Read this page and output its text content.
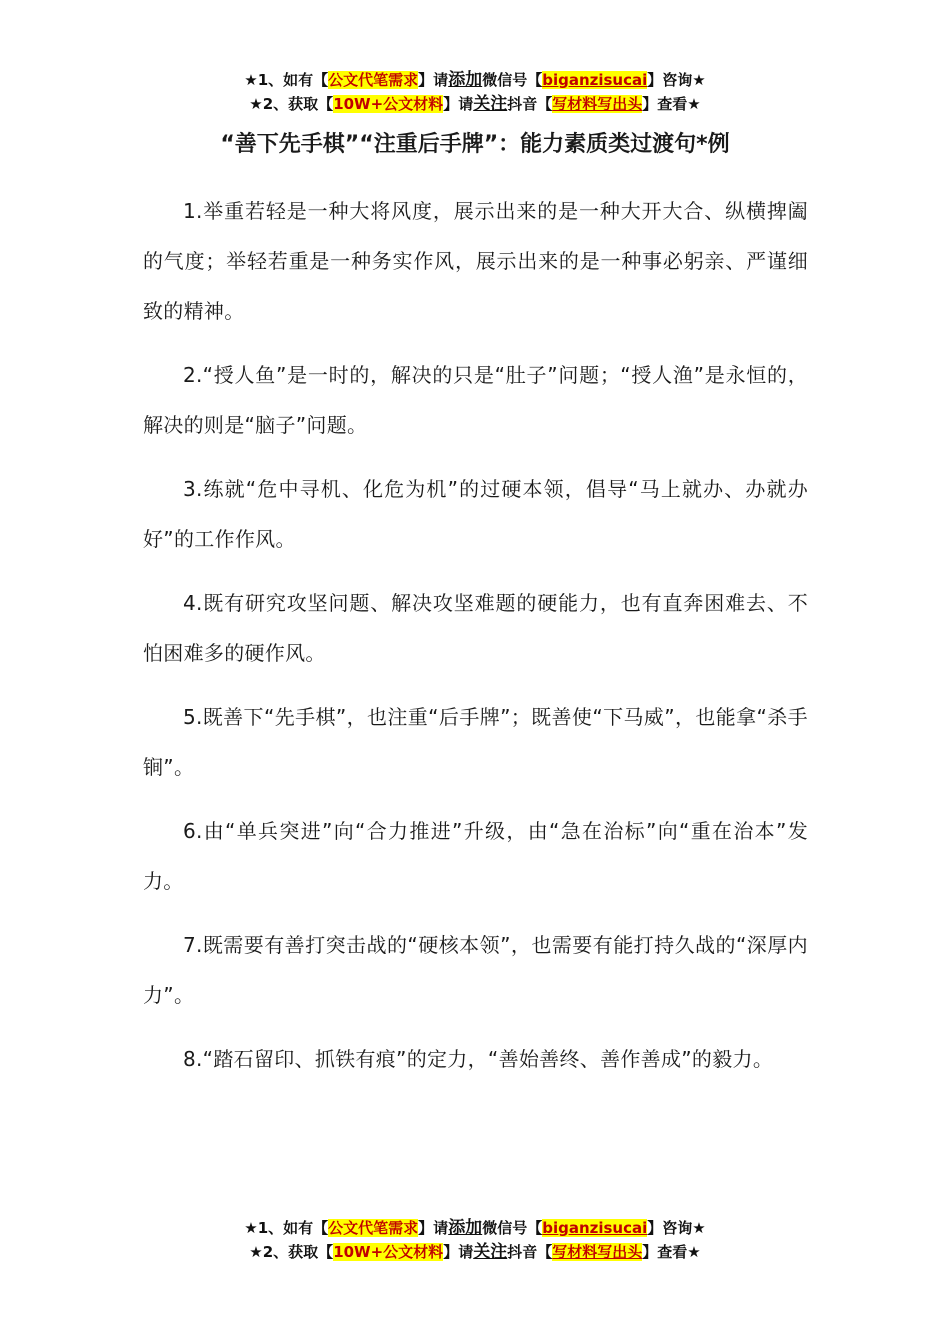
★1、如有【公文代笔需求】请添加微信号【biganzisucai】咨询★
★2、获取【10W+公文材料】请关注抖音【写材料写出头】查看★
“善下先手棋”“注重后手牌”：能力素质类过渡句*例

1.举重若轻是一种大将风度，展示出来的是一种大开大合、纵横捭阖的气度；举轻若重是一种务实作风，展示出来的是一种事必躬亲、严谨细致的精神。

2.“授人鱼”是一时的，解决的只是“肚子”问题；“授人渔”是永恒的，解决的则是“脑子”问题。

3.练就“危中寻机、化危为机”的过硬本领，倡导“马上就办、办就办好”的工作作风。

4.既有研究攻坚问题、解决攻坚难题的硬能力，也有直奔困难去、不怕困难多的硬作风。

5.既善下“先手棋”，也注重“后手牌”；既善使“下马威”，也能拿“杀手锏”。

6.由“单兵突进”向“合力推进”升级，由“急在治标”向“重在治本”发力。

7.既需要有善打突击战的“硬核本领”，也需要有能打持久战的“深厚内力”。

8.“踏石留印、抓铁有痕”的定力，“善始善终、善作善成”的毅力。

★1、如有【公文代笔需求】请添加微信号【biganzisucai】咨询★
★2、获取【10W+公文材料】请关注抖音【写材料写出头】查看★
